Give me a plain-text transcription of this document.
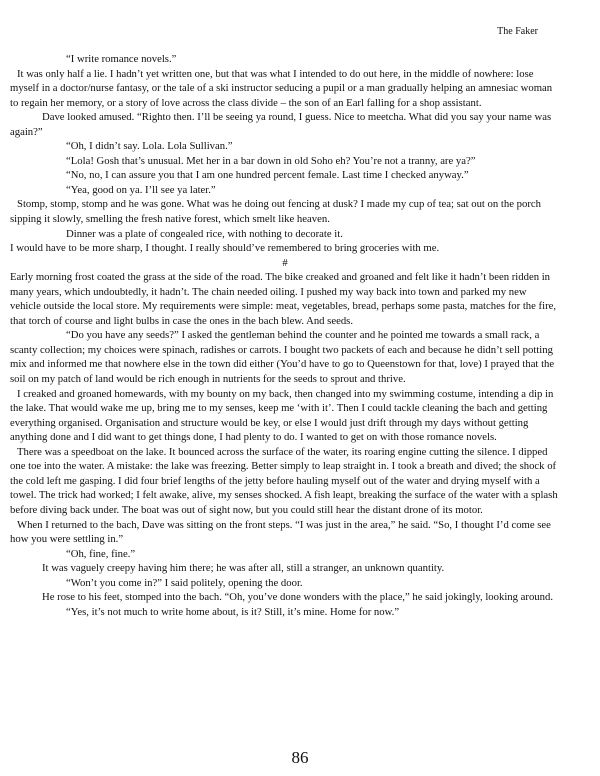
The Faker

“I write romance novels.”

It was only half a lie. I hadn’t yet written one, but that was what I intended to do out here, in the middle of nowhere: lose myself in a doctor/nurse fantasy, or the tale of a ski instructor seducing a pupil or a man gradually helping an amnesiac woman to regain her memory, or a story of love across the class divide – the son of an Earl falling for a shop assistant.

Dave looked amused. “Righto then. I’ll be seeing ya round, I guess. Nice to meetcha. What did you say your name was again?”

“Oh, I didn’t say. Lola. Lola Sullivan.”

“Lola! Gosh that’s unusual. Met her in a bar down in old Soho eh? You’re not a tranny, are ya?”

“No, no, I can assure you that I am one hundred percent female. Last time I checked anyway.”

“Yea, good on ya. I’ll see ya later.”

Stomp, stomp, stomp and he was gone. What was he doing out fencing at dusk? I made my cup of tea; sat out on the porch sipping it slowly, smelling the fresh native forest, which smelt like heaven.

Dinner was a plate of congealed rice, with nothing to decorate it.

I would have to be more sharp, I thought. I really should’ve remembered to bring groceries with me.

#

Early morning frost coated the grass at the side of the road. The bike creaked and groaned and felt like it hadn’t been ridden in many years, which undoubtedly, it hadn’t. The chain needed oiling. I pushed my way back into town and parked my new vehicle outside the local store. My requirements were simple: meat, vegetables, bread, perhaps some pasta, matches for the fire, that torch of course and light bulbs in case the ones in the bach blew. And seeds.

“Do you have any seeds?” I asked the gentleman behind the counter and he pointed me towards a small rack, a scanty collection; my choices were spinach, radishes or carrots. I bought two packets of each and because he didn’t sell potting mix and informed me that nowhere else in the town did either (You’d have to go to Queenstown for that, love) I prayed that the soil on my patch of land would be rich enough in nutrients for the seeds to sprout and thrive.

I creaked and groaned homewards, with my bounty on my back, then changed into my swimming costume, intending a dip in the lake. That would wake me up, bring me to my senses, keep me ‘with it’. Then I could tackle cleaning the bach and getting everything organised. Organisation and structure would be key, or else I would just drift through my days without getting anything done and I did want to get things done, I had plenty to do. I wanted to get on with those romance novels.

There was a speedboat on the lake. It bounced across the surface of the water, its roaring engine cutting the silence. I dipped one toe into the water. A mistake: the lake was freezing. Better simply to leap straight in. I took a breath and dived; the shock of the cold left me gasping. I did four brief lengths of the jetty before hauling myself out of the water and drying myself with a towel. The trick had worked; I felt awake, alive, my senses shocked. A fish leapt, breaking the surface of the water with a splash before diving back under. The boat was out of sight now, but you could still hear the distant drone of its motor.

When I returned to the bach, Dave was sitting on the front steps. “I was just in the area,” he said. “So, I thought I’d come see how you were settling in.”

“Oh, fine, fine.”

It was vaguely creepy having him there; he was after all, still a stranger, an unknown quantity.

“Won’t you come in?” I said politely, opening the door.

He rose to his feet, stomped into the bach. “Oh, you’ve done wonders with the place,” he said jokingly, looking around.

“Yes, it’s not much to write home about, is it? Still, it’s mine. Home for now.”

86
